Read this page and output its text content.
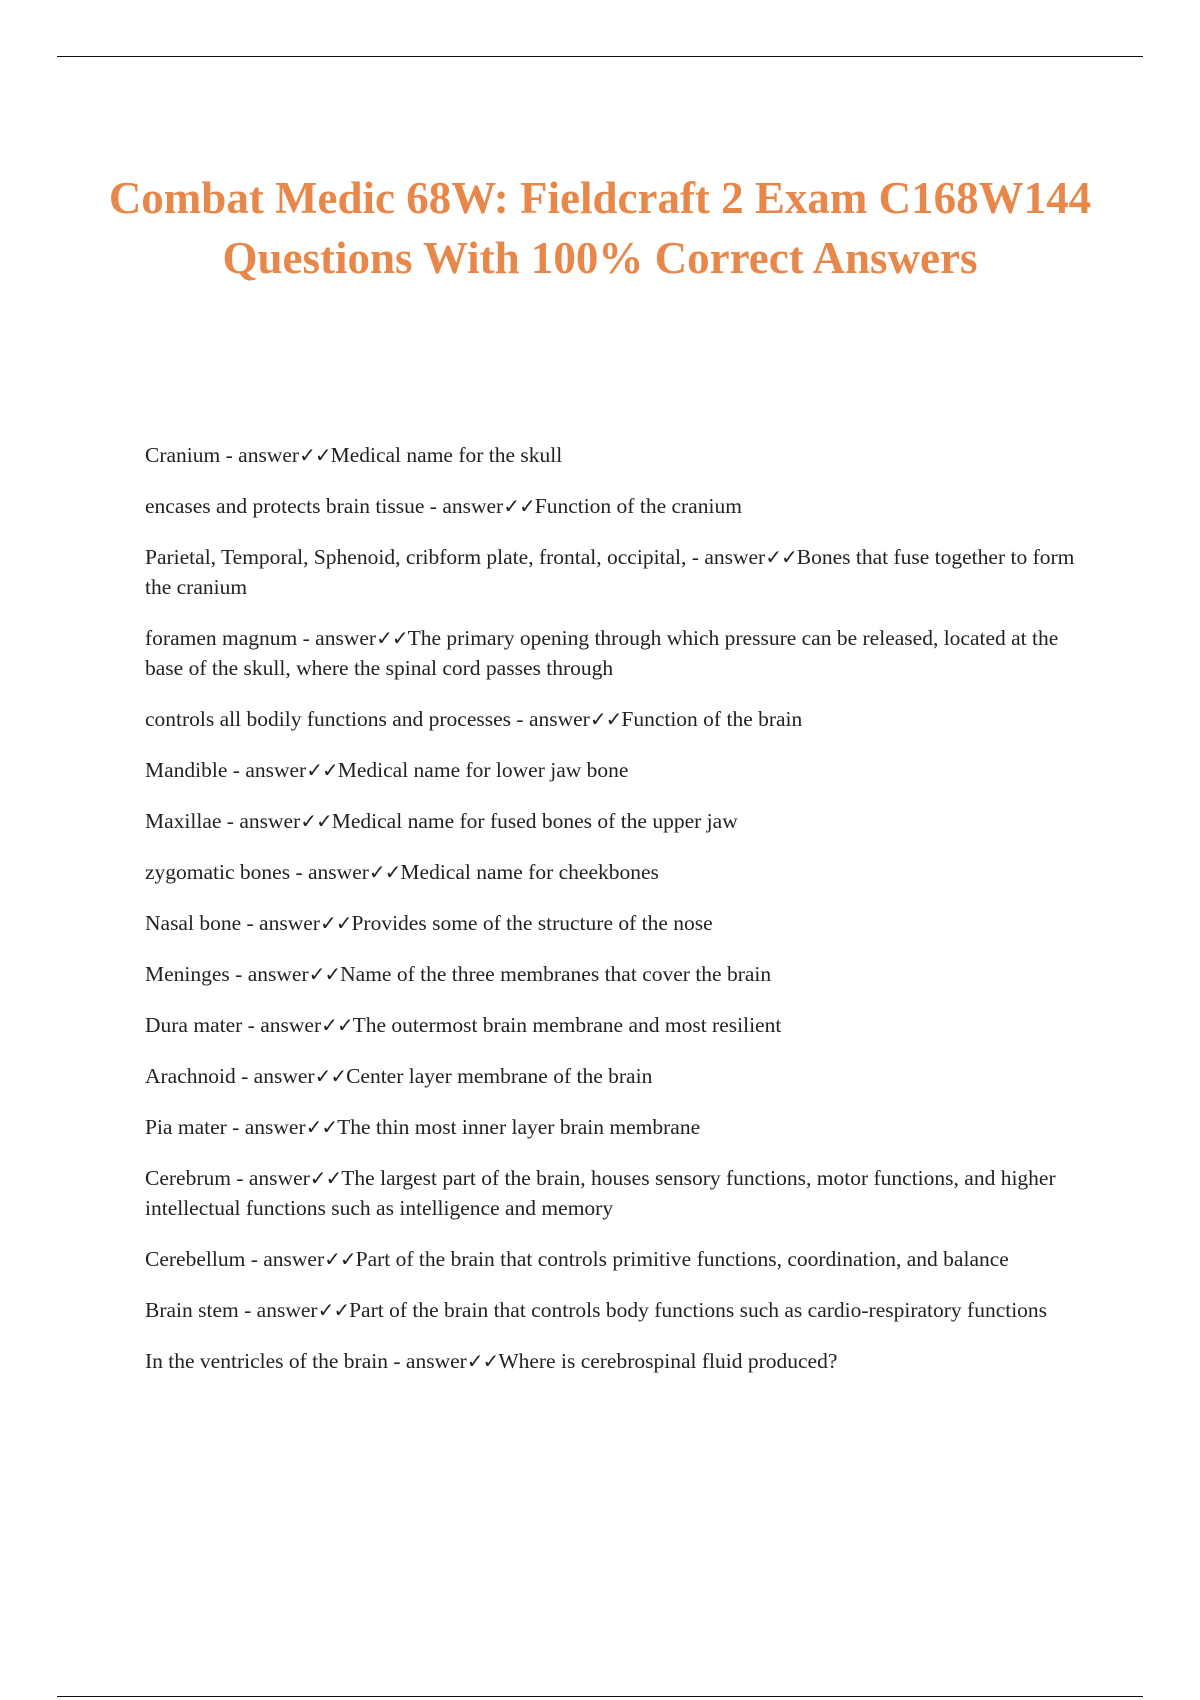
Combat Medic 68W: Fieldcraft 2 Exam C168W144 Questions With 100% Correct Answers
Cranium - answer✓✓Medical name for the skull
encases and protects brain tissue - answer✓✓Function of the cranium
Parietal, Temporal, Sphenoid, cribform plate, frontal, occipital, - answer✓✓Bones that fuse together to form the cranium
foramen magnum - answer✓✓The primary opening through which pressure can be released, located at the base of the skull, where the spinal cord passes through
controls all bodily functions and processes - answer✓✓Function of the brain
Mandible - answer✓✓Medical name for lower jaw bone
Maxillae - answer✓✓Medical name for fused bones of the upper jaw
zygomatic bones - answer✓✓Medical name for cheekbones
Nasal bone - answer✓✓Provides some of the structure of the nose
Meninges - answer✓✓Name of the three membranes that cover the brain
Dura mater - answer✓✓The outermost brain membrane and most resilient
Arachnoid - answer✓✓Center layer membrane of the brain
Pia mater - answer✓✓The thin most inner layer brain membrane
Cerebrum - answer✓✓The largest part of the brain, houses sensory functions, motor functions, and higher intellectual functions such as intelligence and memory
Cerebellum - answer✓✓Part of the brain that controls primitive functions, coordination, and balance
Brain stem - answer✓✓Part of the brain that controls body functions such as cardio-respiratory functions
In the ventricles of the brain - answer✓✓Where is cerebrospinal fluid produced?
